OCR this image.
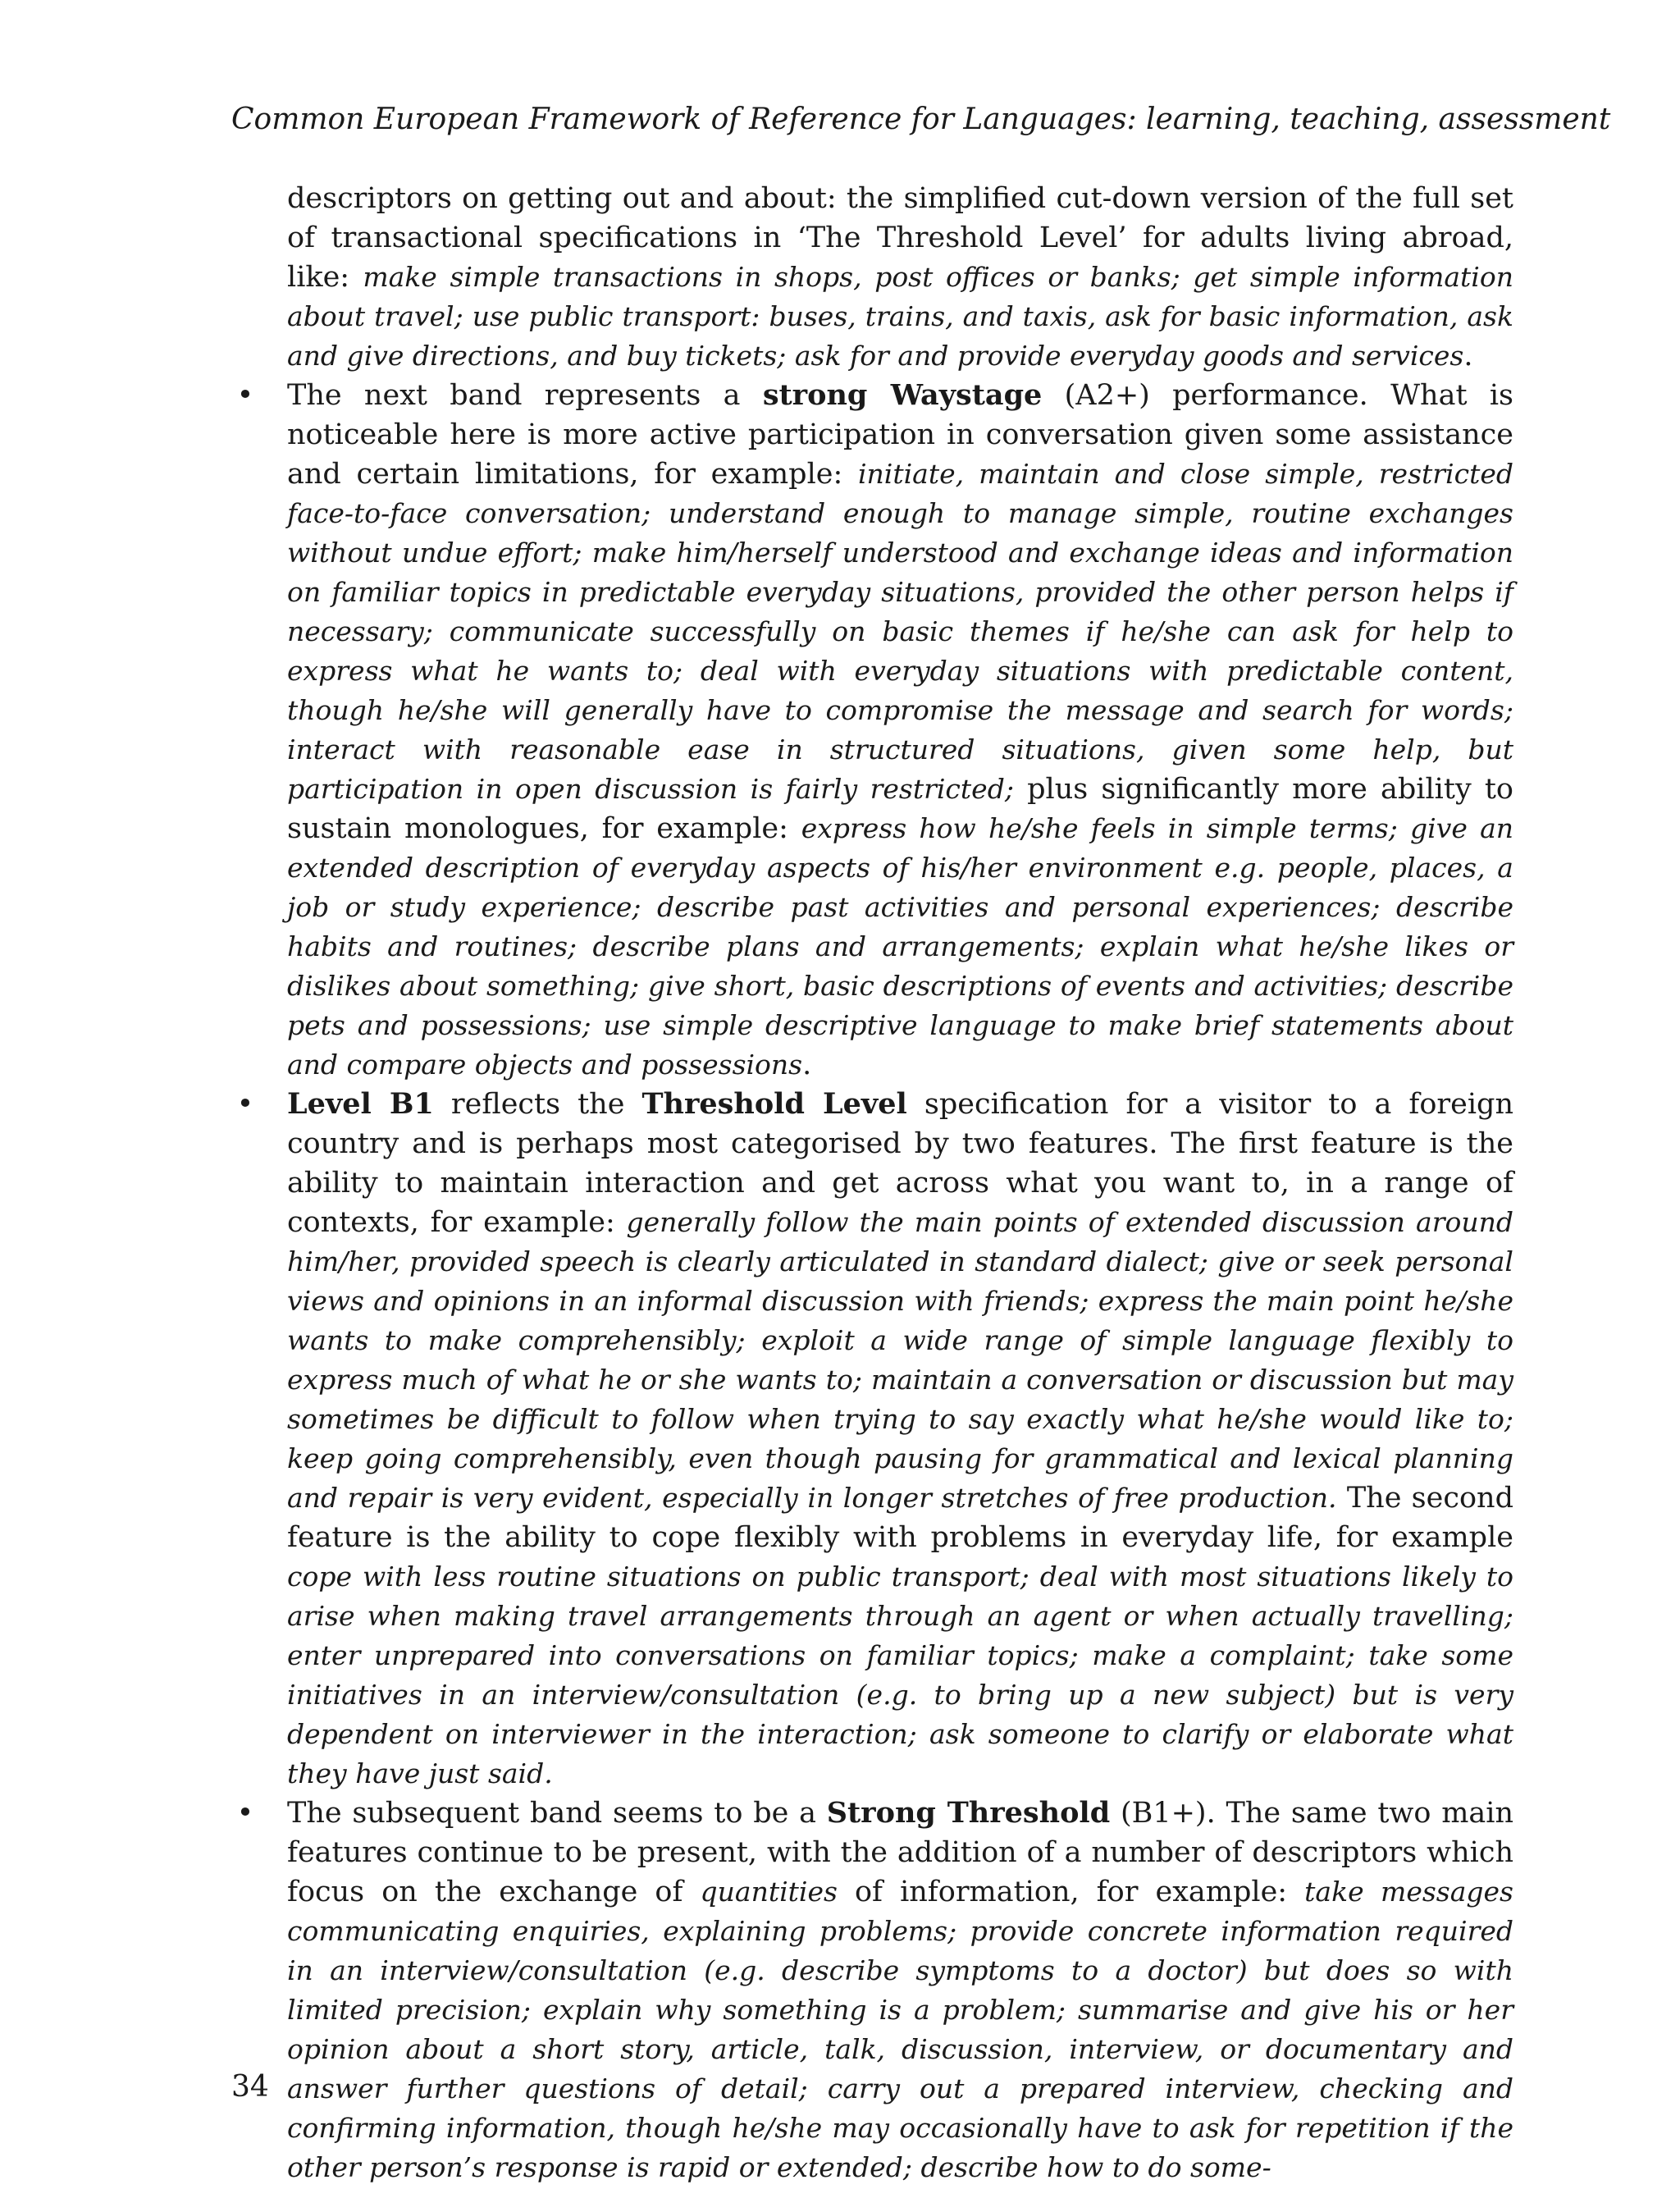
Common European Framework of Reference for Languages: learning, teaching, assessment

descriptors on getting out and about: the simplified cut-down version of the full set of transactional specifications in ‘The Threshold Level’ for adults living abroad, like: make simple transactions in shops, post offices or banks; get simple information about travel; use public transport: buses, trains, and taxis, ask for basic information, ask and give directions, and buy tickets; ask for and provide everyday goods and services.

• The next band represents a strong Waystage (A2+) performance. What is noticeable here is more active participation in conversation given some assistance and certain limitations, for example: initiate, maintain and close simple, restricted face-to-face conversation; understand enough to manage simple, routine exchanges without undue effort; make him/herself understood and exchange ideas and information on familiar topics in predictable everyday situations, provided the other person helps if necessary; communicate successfully on basic themes if he/she can ask for help to express what he wants to; deal with everyday situations with predictable content, though he/she will generally have to compromise the message and search for words; interact with reasonable ease in structured situations, given some help, but participation in open discussion is fairly restricted; plus significantly more ability to sustain monologues, for example: express how he/she feels in simple terms; give an extended description of everyday aspects of his/her environment e.g. people, places, a job or study experience; describe past activities and personal experiences; describe habits and routines; describe plans and arrangements; explain what he/she likes or dislikes about something; give short, basic descriptions of events and activities; describe pets and possessions; use simple descriptive language to make brief statements about and compare objects and possessions.

• Level B1 reflects the Threshold Level specification for a visitor to a foreign country and is perhaps most categorised by two features. The first feature is the ability to maintain interaction and get across what you want to, in a range of contexts, for example: generally follow the main points of extended discussion around him/her, provided speech is clearly articulated in standard dialect; give or seek personal views and opinions in an informal discussion with friends; express the main point he/she wants to make comprehensibly; exploit a wide range of simple language flexibly to express much of what he or she wants to; maintain a conversation or discussion but may sometimes be difficult to follow when trying to say exactly what he/she would like to; keep going comprehensibly, even though pausing for grammatical and lexical planning and repair is very evident, especially in longer stretches of free production. The second feature is the ability to cope flexibly with problems in everyday life, for example cope with less routine situations on public transport; deal with most situations likely to arise when making travel arrangements through an agent or when actually travelling; enter unprepared into conversations on familiar topics; make a complaint; take some initiatives in an interview/consultation (e.g. to bring up a new subject) but is very dependent on interviewer in the interaction; ask someone to clarify or elaborate what they have just said.

• The subsequent band seems to be a Strong Threshold (B1+). The same two main features continue to be present, with the addition of a number of descriptors which focus on the exchange of quantities of information, for example: take messages communicating enquiries, explaining problems; provide concrete information required in an interview/consultation (e.g. describe symptoms to a doctor) but does so with limited precision; explain why something is a problem; summarise and give his or her opinion about a short story, article, talk, discussion, interview, or documentary and answer further questions of detail; carry out a prepared interview, checking and confirming information, though he/she may occasionally have to ask for repetition if the other person’s response is rapid or extended; describe how to do some-

34
